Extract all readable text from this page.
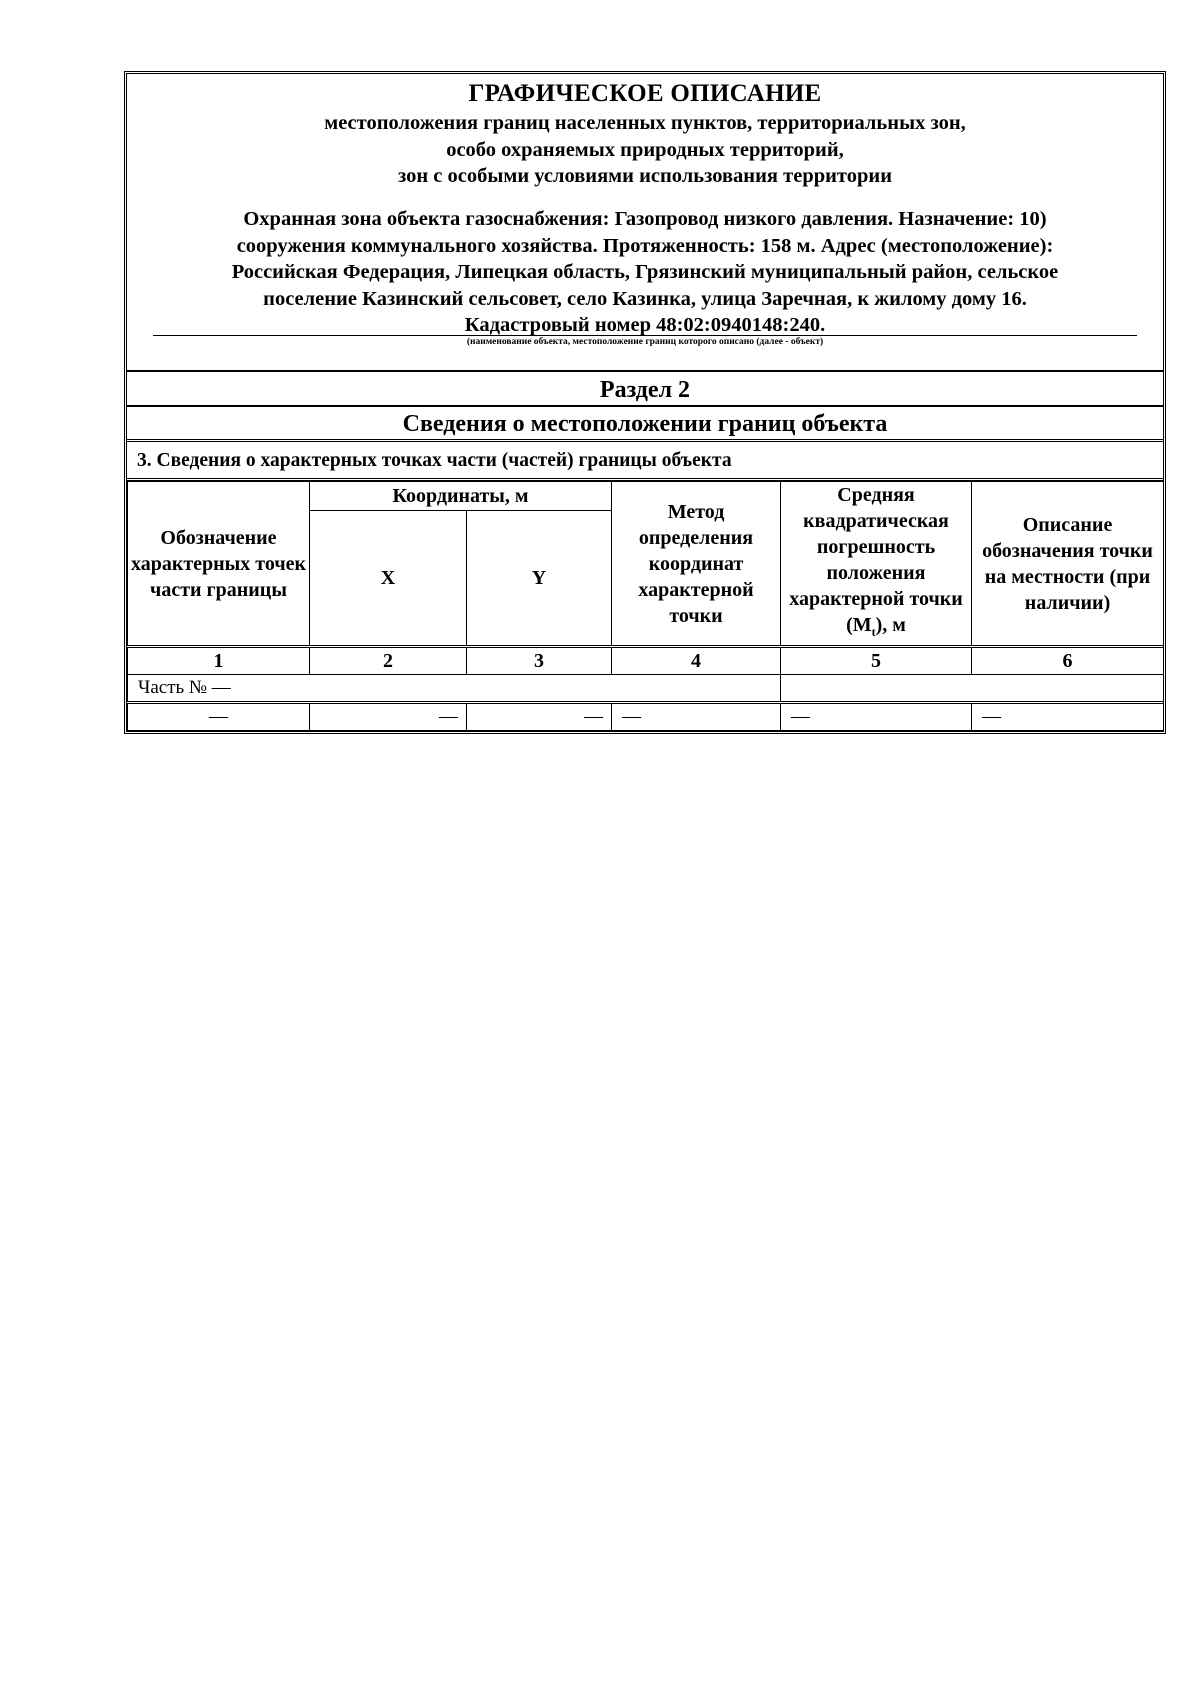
ГРАФИЧЕСКОЕ ОПИСАНИЕ
местоположения границ населенных пунктов, территориальных зон,
особо охраняемых природных территорий,
зон с особыми условиями использования территории
Охранная зона объекта газоснабжения: Газопровод низкого давления. Назначение: 10)
сооружения коммунального хозяйства. Протяженность: 158 м. Адрес (местоположение):
Российская Федерация, Липецкая область, Грязинский муниципальный район, сельское
поселение Казинский сельсовет, село Казинка, улица Заречная, к жилому дому 16.
Кадастровый номер 48:02:0940148:240.
(наименование объекта, местоположение границ которого описано (далее - объект)
Раздел 2
Сведения о местоположении границ объекта
3. Сведения о характерных точках части (частей) границы объекта
Обозначение характерных точек части границы	Координаты, м		Метод определения координат характерной точки	Средняя квадратическая погрешность положения характерной точки $(M_t)$, м	Описание обозначения точки на местности (при наличии)
	X	Y			
1	2	3	4	5	6
Часть № —					
—	—	—	—	—	—
